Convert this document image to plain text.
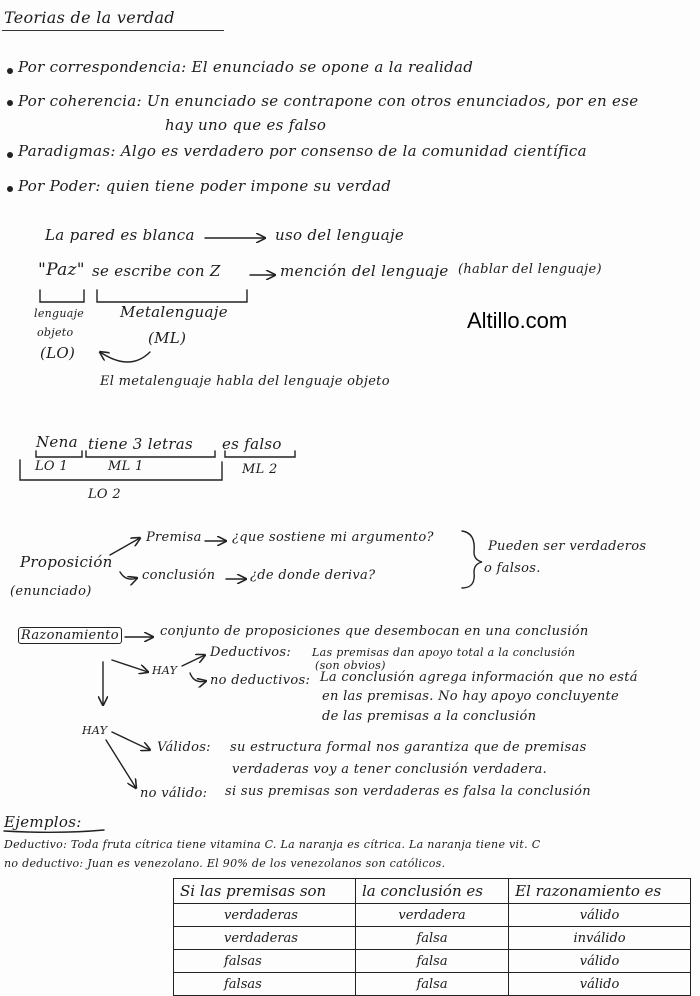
Teorias de la verdad
Por correspondencia: El enunciado se opone a la realidad
Por coherencia: Un enunciado se contrapone con otros enunciados, por en ese
hay uno que es falso
Paradigmas: Algo es verdadero por consenso de la comunidad científica
Por Poder: quien tiene poder impone su verdad
La pared es blanca	uso del lenguaje
"Paz" se escribe con Z	mención del lenguaje (hablar del lenguaje)
lenguaje
objeto
(LO)
Metalenguaje
(ML)
Altillo.com
El metalenguaje habla del lenguaje objeto
Nena tiene 3 letras es falso
LO 1	ML 1	ML 2
LO 2
Proposición
(enunciado)
Premisa ¿que sostiene mi argumento?
conclusión	¿de donde deriva?
Pueden ser verdaderos
o falsos.
Razonamiento	conjunto de proposiciones que desembocan en una conclusión
HAY
Deductivos: Las premisas dan apoyo total a la conclusión
(son obvios)
no deductivos: La conclusión agrega información que no está
en las premisas. No hay apoyo concluyente
de las premisas a la conclusión
HAY
Válidos: su estructura formal nos garantiza que de premisas
verdaderas voy a tener conclusión verdadera.
no válido: si sus premisas son verdaderas es falsa la conclusión
Ejemplos:
Deductivo: Toda fruta cítrica tiene vitamina C. La naranja es cítrica. La naranja tiene vit. C
no deductivo: Juan es venezolano. El 90% de los venezolanos son católicos.
Si las premisas son	la conclusión es	El razonamiento es
verdaderas	verdadera	válido
verdaderas	falsa	inválido
falsas	falsa	válido
falsas	falsa	válido
